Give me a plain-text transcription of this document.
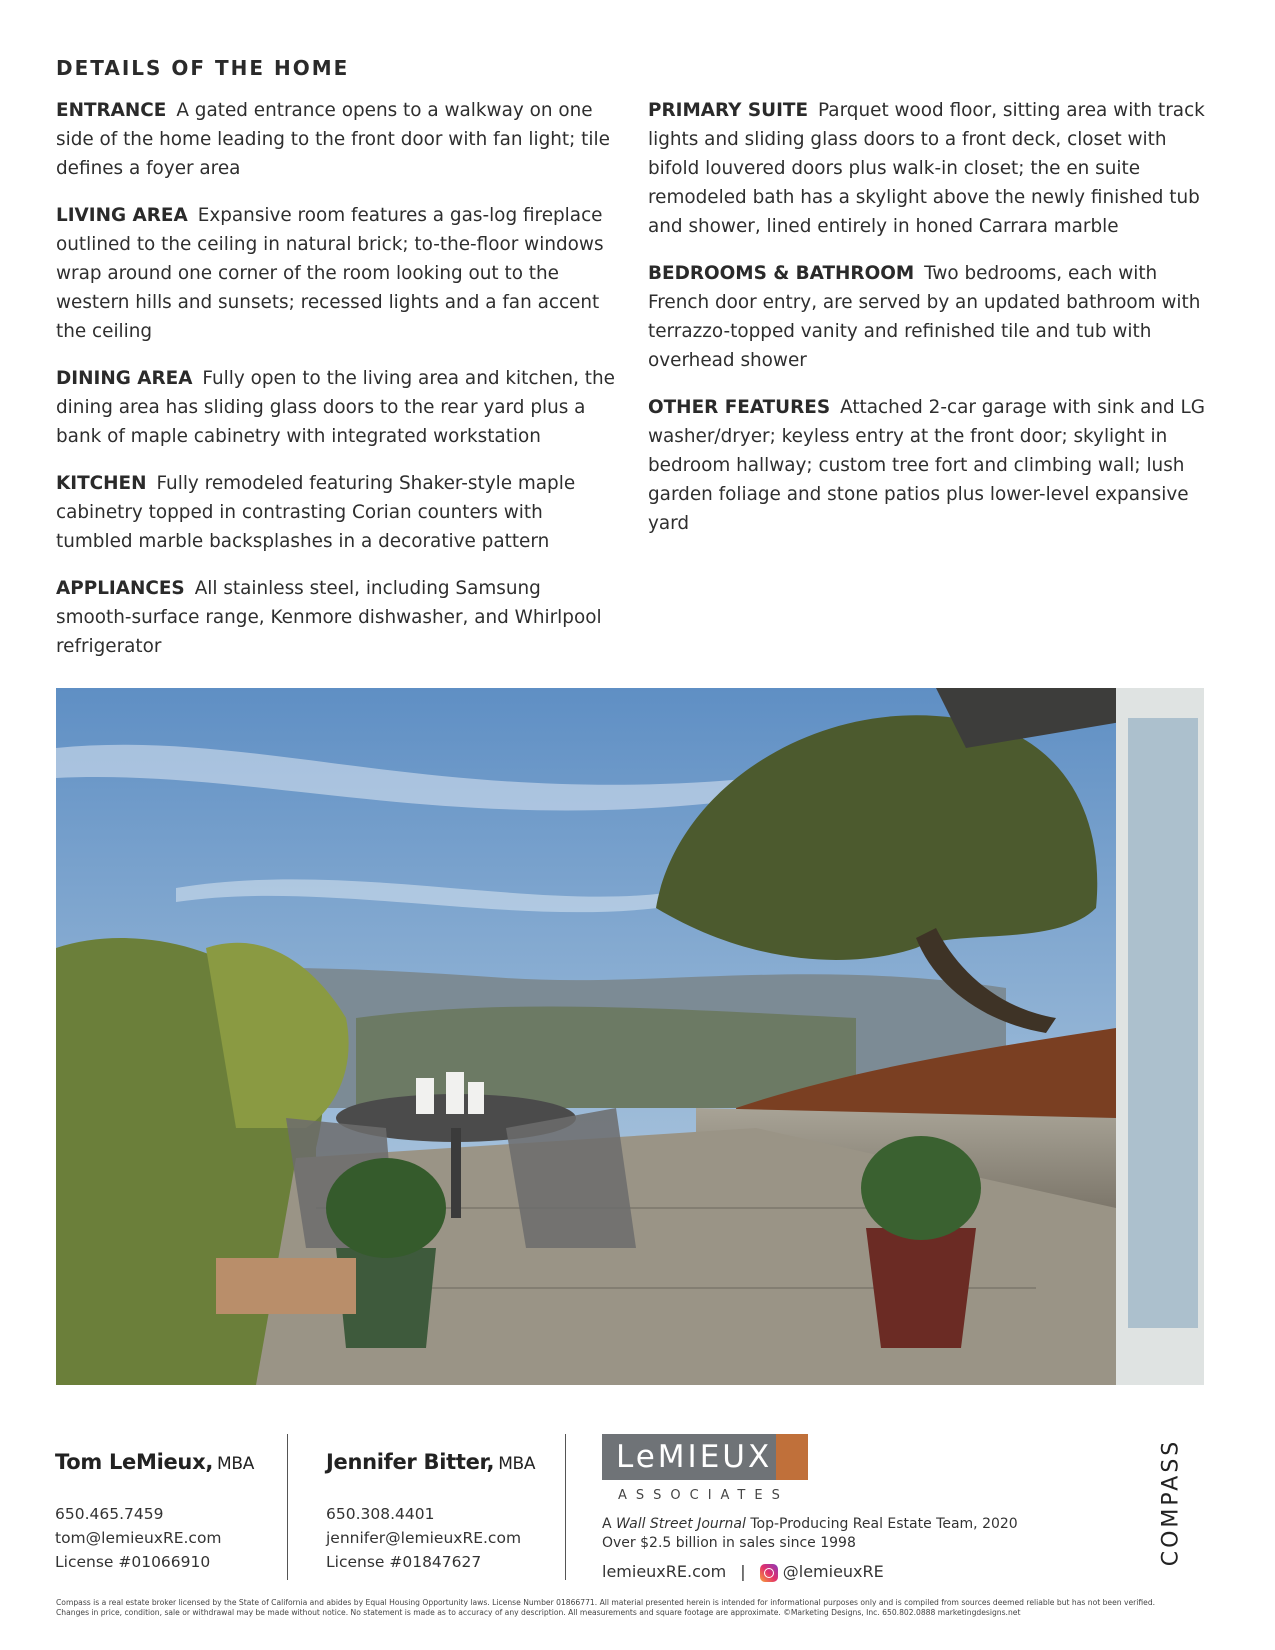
DETAILS OF THE HOME

ENTRANCE A gated entrance opens to a walkway on one side of the home leading to the front door with fan light; tile defines a foyer area

LIVING AREA Expansive room features a gas-log fireplace outlined to the ceiling in natural brick; to-the-floor windows wrap around one corner of the room looking out to the western hills and sunsets; recessed lights and a fan accent the ceiling

DINING AREA Fully open to the living area and kitchen, the dining area has sliding glass doors to the rear yard plus a bank of maple cabinetry with integrated workstation

KITCHEN Fully remodeled featuring Shaker-style maple cabinetry topped in contrasting Corian counters with tumbled marble backsplashes in a decorative pattern

APPLIANCES All stainless steel, including Samsung smooth-surface range, Kenmore dishwasher, and Whirlpool refrigerator

PRIMARY SUITE Parquet wood floor, sitting area with track lights and sliding glass doors to a front deck, closet with bifold louvered doors plus walk-in closet; the en suite remodeled bath has a skylight above the newly finished tub and shower, lined entirely in honed Carrara marble

BEDROOMS & BATHROOM Two bedrooms, each with French door entry, are served by an updated bathroom with terrazzo-topped vanity and refinished tile and tub with overhead shower

OTHER FEATURES Attached 2-car garage with sink and LG washer/dryer; keyless entry at the front door; skylight in bedroom hallway; custom tree fort and climbing wall; lush garden foliage and stone patios plus lower-level expansive yard

Tom LeMieux, MBA
650.465.7459
tom@lemieuxRE.com
License #01066910
Jennifer Bitter, MBA
650.308.4401
jennifer@lemieuxRE.com
License #01847627
LeMIEUX
ASSOCIATES
A Wall Street Journal Top-Producing Real Estate Team, 2020
Over $2.5 billion in sales since 1998
lemieuxRE.com |	@lemieuxRE
COMPASS
Compass is a real estate broker licensed by the State of California and abides by Equal Housing Opportunity laws. License Number 01866771. All material presented herein is intended for informational purposes only and is compiled from sources deemed reliable but has not been verified. Changes in price, condition, sale or withdrawal may be made without notice. No statement is made as to accuracy of any description. All measurements and square footage are approximate. ©Marketing Designs, Inc. 650.802.0888 marketingdesigns.net
